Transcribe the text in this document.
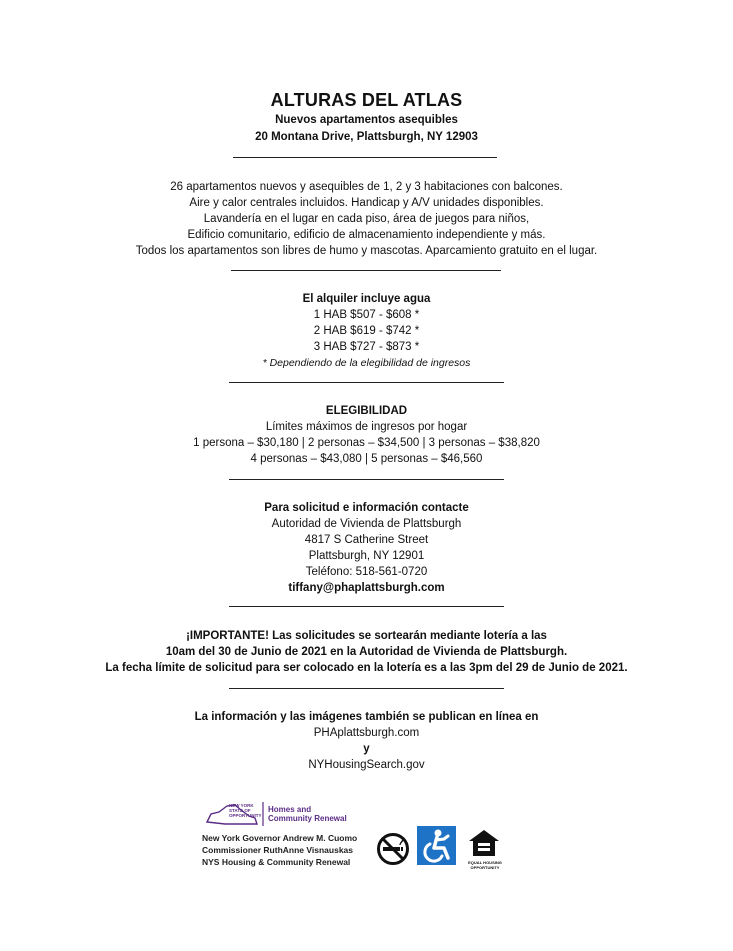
ALTURAS DEL ATLAS
Nuevos apartamentos asequibles
20 Montana Drive, Plattsburgh, NY 12903
26 apartamentos nuevos y asequibles de 1, 2 y 3 habitaciones con balcones.
Aire y calor centrales incluidos. Handicap y A/V unidades disponibles.
Lavandería en el lugar en cada piso, área de juegos para niños,
Edificio comunitario, edificio de almacenamiento independiente y más.
Todos los apartamentos son libres de humo y mascotas. Aparcamiento gratuito en el lugar.
El alquiler incluye agua
1 HAB $507 - $608 *
2 HAB $619 - $742 *
3 HAB $727 - $873 *
* Dependiendo de la elegibilidad de ingresos
ELEGIBILIDAD
Límites máximos de ingresos por hogar
1 persona – $30,180 | 2 personas – $34,500 | 3 personas – $38,820
4 personas – $43,080 | 5 personas – $46,560
Para solicitud e información contacte
Autoridad de Vivienda de Plattsburgh
4817 S Catherine Street
Plattsburgh, NY 12901
Teléfono: 518-561-0720
tiffany@phaplattsburgh.com
¡IMPORTANTE! Las solicitudes se sortearán mediante lotería a las
10am del 30 de Junio de 2021 en la Autoridad de Vivienda de Plattsburgh.
La fecha límite de solicitud para ser colocado en la lotería es a las 3pm del 29 de Junio de 2021.
La información y las imágenes también se publican en línea en
PHAplattsburgh.com
y
NYHousingSearch.gov
NEW YORK STATE OF OPPORTUNITY
Homes and Community Renewal
New York Governor Andrew M. Cuomo
Commissioner RuthAnne Visnauskas
NYS Housing & Community Renewal	EQUAL HOUSING OPPORTUNITY
